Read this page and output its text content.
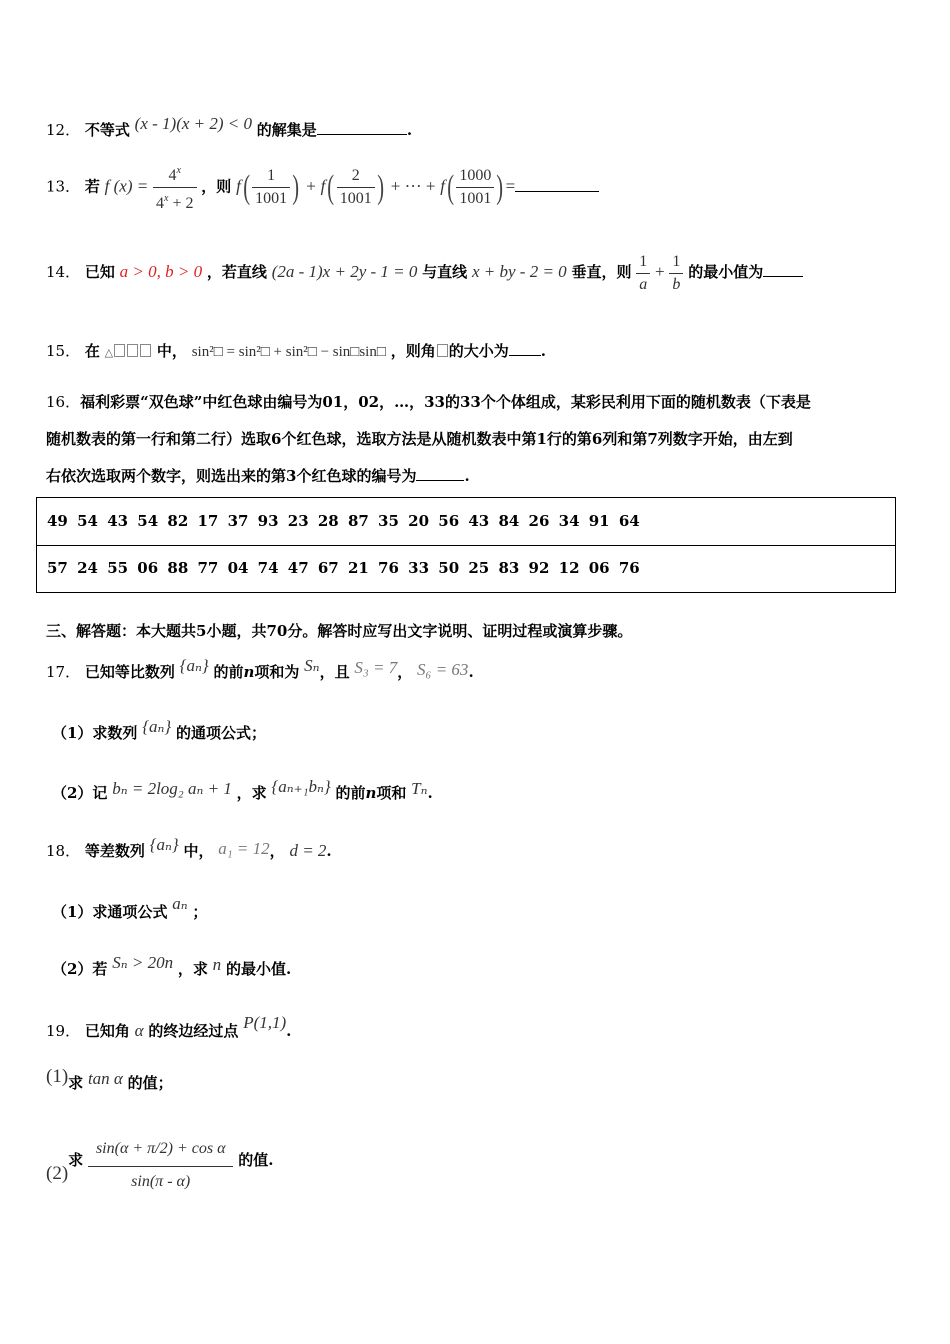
12． 不等式 (x - 1)(x + 2) < 0 的解集是	.
13． 若 f $(x) = \frac{4^x}{4^x + 2}$ ，则 $f( \frac{1}{1001}$ ) + $f( \frac{2}{1001}$ ) + ··· + $f( \frac{1000}{1001}$ ) =
14． 已知 a > 0, b > 0 ，若直线 (2a - 1)x + 2y - 1 = 0 与直线 x + by - 2 = 0 垂直，则 $\frac{1}{a} + \frac{1}{b}$ 的最小值为
15． 在 △	中， sin²□ = sin²□ + sin²□ − sin□sin□ ，则角 的大小为 .
16．福利彩票“双色球”中红色球由编号为01，02，…，33的33个个体组成，某彩民利用下面的随机数表（下表是
随机数表的第一行和第二行）选取6个红色球，选取方法是从随机数表中第1行的第6列和第7列数字开始，由左到
右依次选取两个数字，则选出来的第3个红色球的编号为	.
49 54 43 54 82 17 37 93 23 28 87 35 20 56 43 84 26 34 91 64
57 24 55 06 88 77 04 74 47 67 21 76 33 50 25 83 92 12 06 76
三、解答题：本大题共5小题，共70分。解答时应写出文字说明、证明过程或演算步骤。
17． 已知等比数列 {aₙ} 的前n项和为 Sₙ，且 S₃ = 7， S₆ = 63.
（1）求数列 {aₙ} 的通项公式；
（2）记 bₙ = 2log₂ aₙ + 1 ，求 {aₙ₊₁bₙ} 的前n项和 Tₙ.
18． 等差数列 {aₙ} 中， a₁ = 12， d = 2.
（1）求通项公式 aₙ ；
（2）若 Sₙ > 20n ，求 n 的最小值.
19． 已知角 α 的终边经过点 P(1,1).
(1)求 tan α 的值；
(2)求 $\frac{\text{sin(α + π/2) + cos α}}{\sin(\pi - \alpha)}$ 的值.
